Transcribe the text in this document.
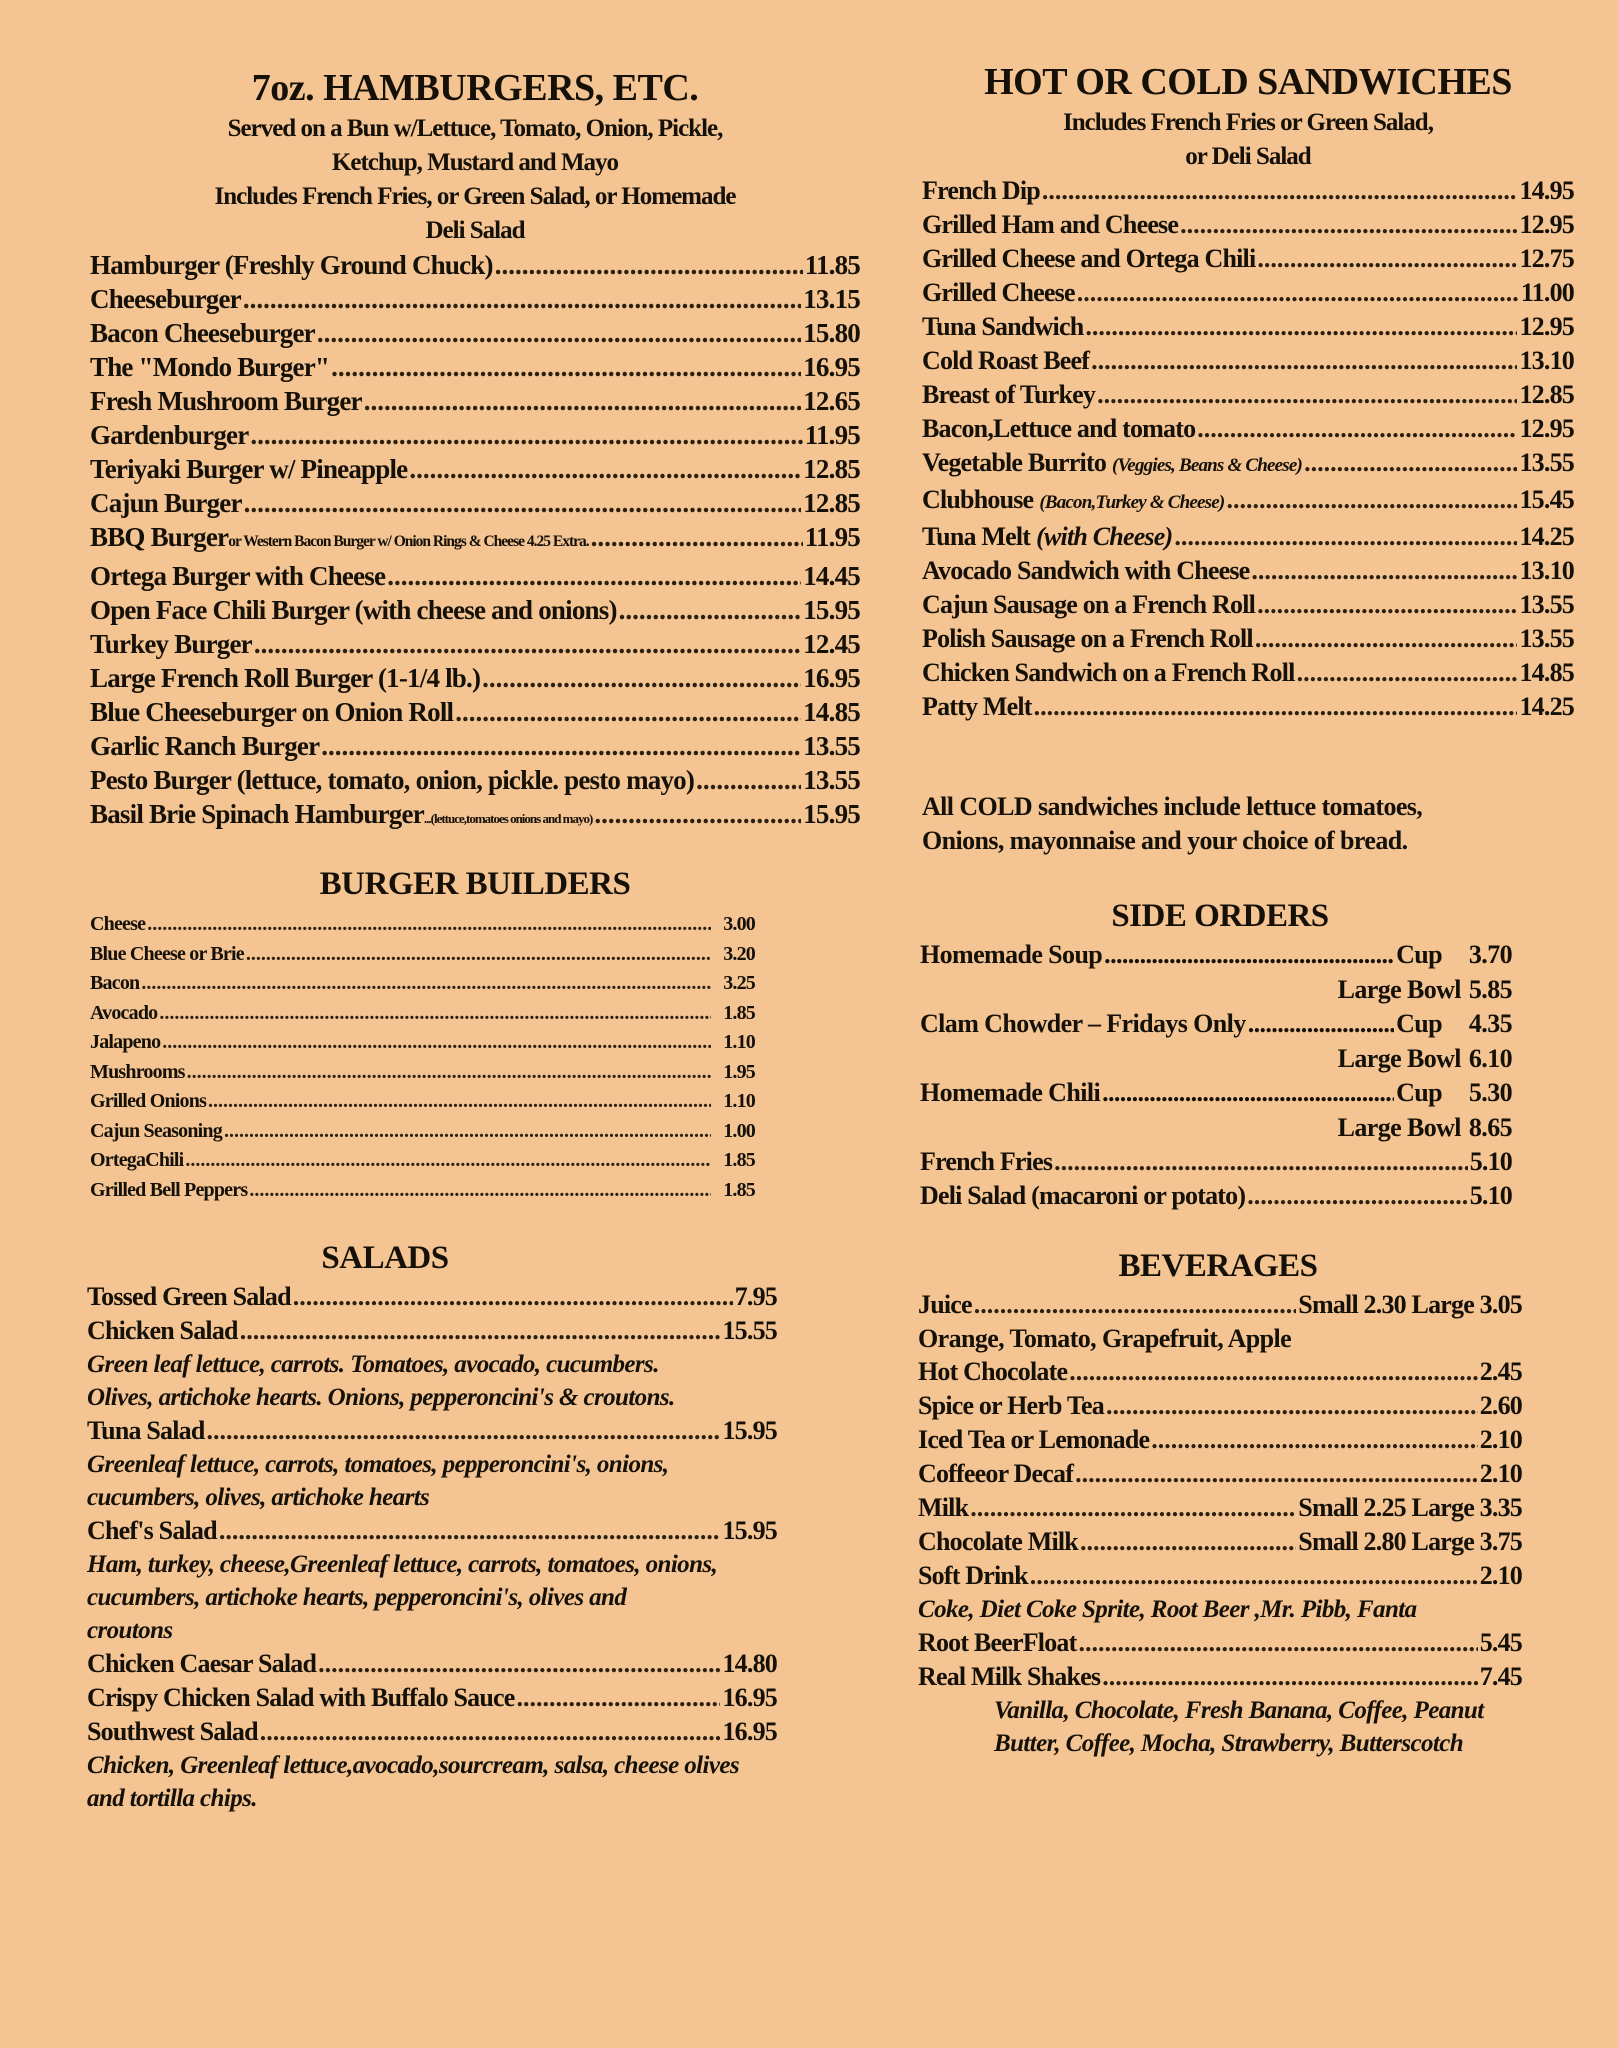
7oz. HAMBURGERS, ETC.
Served on a Bun w/Lettuce, Tomato, Onion, Pickle,
Ketchup, Mustard and Mayo
Includes French Fries, or Green Salad, or Homemade
Deli Salad
Hamburger (Freshly Ground Chuck) .....	11.85
Cheeseburger .....	13.15
Bacon Cheeseburger .....	15.80
The "Mondo Burger" .....	16.95
Fresh Mushroom Burger .....	12.65
Gardenburger .....	11.95
Teriyaki Burger w/ Pineapple .....	12.85
Cajun Burger .....	12.85
BBQ Burger or Western Bacon Burger w/ Onion Rings & Cheese 4.25 Extra. .....	11.95
Ortega Burger with Cheese .....	14.45
Open Face Chili Burger (with cheese and onions) .....	15.95
Turkey Burger .....	12.45
Large French Roll Burger (1-1/4 lb.) .....	16.95
Blue Cheeseburger on Onion Roll .....	14.85
Garlic Ranch Burger .....	13.55
Pesto Burger (lettuce, tomato, onion, pickle. pesto mayo) .....	13.55
Basil Brie Spinach Hamburger ...(lettuce,tomatoes onions and mayo) .....	15.95
BURGER BUILDERS
Cheese .....	3.00
Blue Cheese or Brie .....	3.20
Bacon .....	3.25
Avocado .....	1.85
Jalapeno .....	1.10
Mushrooms .....	1.95
Grilled Onions .....	1.10
Cajun Seasoning .....	1.00
OrtegaChili .....	1.85
Grilled Bell Peppers .....	1.85
SALADS
Tossed Green Salad .....	7.95
Chicken Salad .....	15.55
Green leaf lettuce, carrots. Tomatoes, avocado, cucumbers.
Olives, artichoke hearts. Onions, pepperoncini's & croutons.
Tuna Salad .....	15.95
Greenleaf lettuce, carrots, tomatoes, pepperoncini's, onions,
cucumbers, olives, artichoke hearts
Chef's Salad .....	15.95
Ham, turkey, cheese,Greenleaf lettuce, carrots, tomatoes, onions,
cucumbers, artichoke hearts, pepperoncini's, olives and
croutons
Chicken Caesar Salad .....	14.80
Crispy Chicken Salad with Buffalo Sauce .....	16.95
Southwest Salad .....	16.95
Chicken, Greenleaf lettuce,avocado,sourcream, salsa, cheese olives
and tortilla chips.
HOT OR COLD SANDWICHES
Includes French Fries or Green Salad,
or Deli Salad
French Dip .....	14.95
Grilled Ham and Cheese .....	12.95
Grilled Cheese and Ortega Chili .....	12.75
Grilled Cheese .....	11.00
Tuna Sandwich .....	12.95
Cold Roast Beef .....	13.10
Breast of Turkey .....	12.85
Bacon,Lettuce and tomato .....	12.95
Vegetable Burrito (Veggies, Beans & Cheese) .....	13.55
Clubhouse (Bacon,Turkey & Cheese) .....	15.45
Tuna Melt (with Cheese) .....	14.25
Avocado Sandwich with Cheese .....	13.10
Cajun Sausage on a French Roll .....	13.55
Polish Sausage on a French Roll .....	13.55
Chicken Sandwich on a French Roll .....	14.85
Patty Melt .....	14.25
All COLD sandwiches include lettuce tomatoes,
Onions, mayonnaise and your choice of bread.
SIDE ORDERS
Homemade Soup .....	Cup	3.70
Large Bowl 5.85
Clam Chowder – Fridays Only .....	Cup	4.35
Large Bowl 6.10
Homemade Chili .....	Cup	5.30
Large Bowl 8.65
French Fries .....	5.10
Deli Salad (macaroni or potato) .....	5.10
BEVERAGES
Juice .....	Small 2.30 Large 3.05
Orange, Tomato, Grapefruit, Apple
Hot Chocolate .....	2.45
Spice or Herb Tea .....	2.60
Iced Tea or Lemonade .....	2.10
Coffeeor Decaf .....	2.10
Milk .....	Small 2.25 Large 3.35
Chocolate Milk .....	Small 2.80 Large 3.75
Soft Drink .....	2.10
Coke, Diet Coke Sprite, Root Beer ,Mr. Pibb, Fanta
Root BeerFloat .....	5.45
Real Milk Shakes .....	7.45
Vanilla, Chocolate, Fresh Banana, Coffee, Peanut
Butter, Coffee, Mocha, Strawberry, Butterscotch
